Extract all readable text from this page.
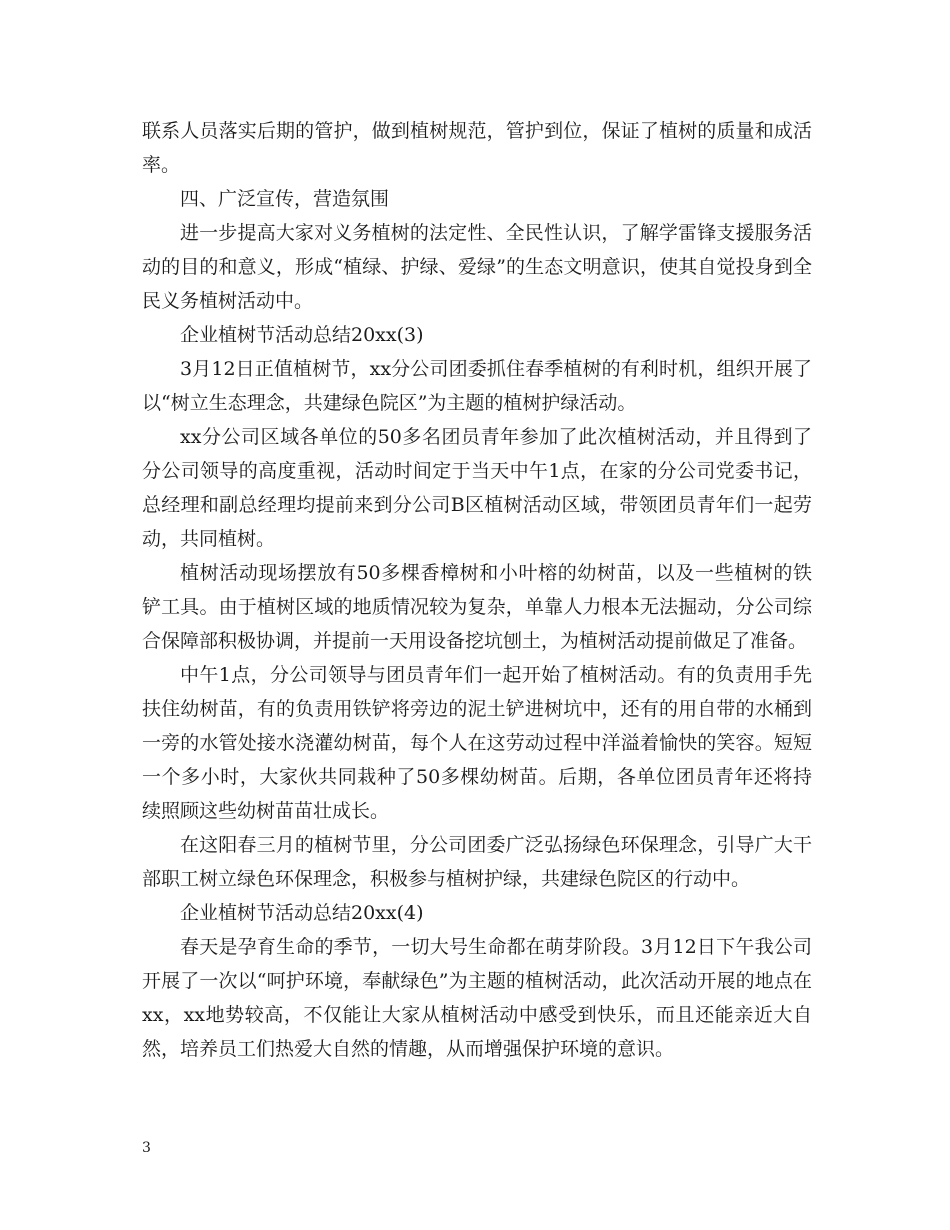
联系人员落实后期的管护，做到植树规范，管护到位，保证了植树的质量和成活率。

四、广泛宣传，营造氛围

进一步提高大家对义务植树的法定性、全民性认识，了解学雷锋支援服务活动的目的和意义，形成“植绿、护绿、爱绿”的生态文明意识，使其自觉投身到全民义务植树活动中。

企业植树节活动总结20xx(3)

3月12日正值植树节，xx分公司团委抓住春季植树的有利时机，组织开展了以“树立生态理念，共建绿色院区”为主题的植树护绿活动。

xx分公司区域各单位的50多名团员青年参加了此次植树活动，并且得到了分公司领导的高度重视，活动时间定于当天中午1点，在家的分公司党委书记，总经理和副总经理均提前来到分公司B区植树活动区域，带领团员青年们一起劳动，共同植树。

植树活动现场摆放有50多棵香樟树和小叶榕的幼树苗，以及一些植树的铁铲工具。由于植树区域的地质情况较为复杂，单靠人力根本无法掘动，分公司综合保障部积极协调，并提前一天用设备挖坑刨土，为植树活动提前做足了准备。

中午1点，分公司领导与团员青年们一起开始了植树活动。有的负责用手先扶住幼树苗，有的负责用铁铲将旁边的泥土铲进树坑中，还有的用自带的水桶到一旁的水管处接水浇灌幼树苗，每个人在这劳动过程中洋溢着愉快的笑容。短短一个多小时，大家伙共同栽种了50多棵幼树苗。后期，各单位团员青年还将持续照顾这些幼树苗苗壮成长。

在这阳春三月的植树节里，分公司团委广泛弘扬绿色环保理念，引导广大干部职工树立绿色环保理念，积极参与植树护绿，共建绿色院区的行动中。

企业植树节活动总结20xx(4)

春天是孕育生命的季节，一切大号生命都在萌芽阶段。3月12日下午我公司开展了一次以“呵护环境，奉献绿色”为主题的植树活动，此次活动开展的地点在xx，xx地势较高，不仅能让大家从植树活动中感受到快乐，而且还能亲近大自然，培养员工们热爱大自然的情趣，从而增强保护环境的意识。

3
